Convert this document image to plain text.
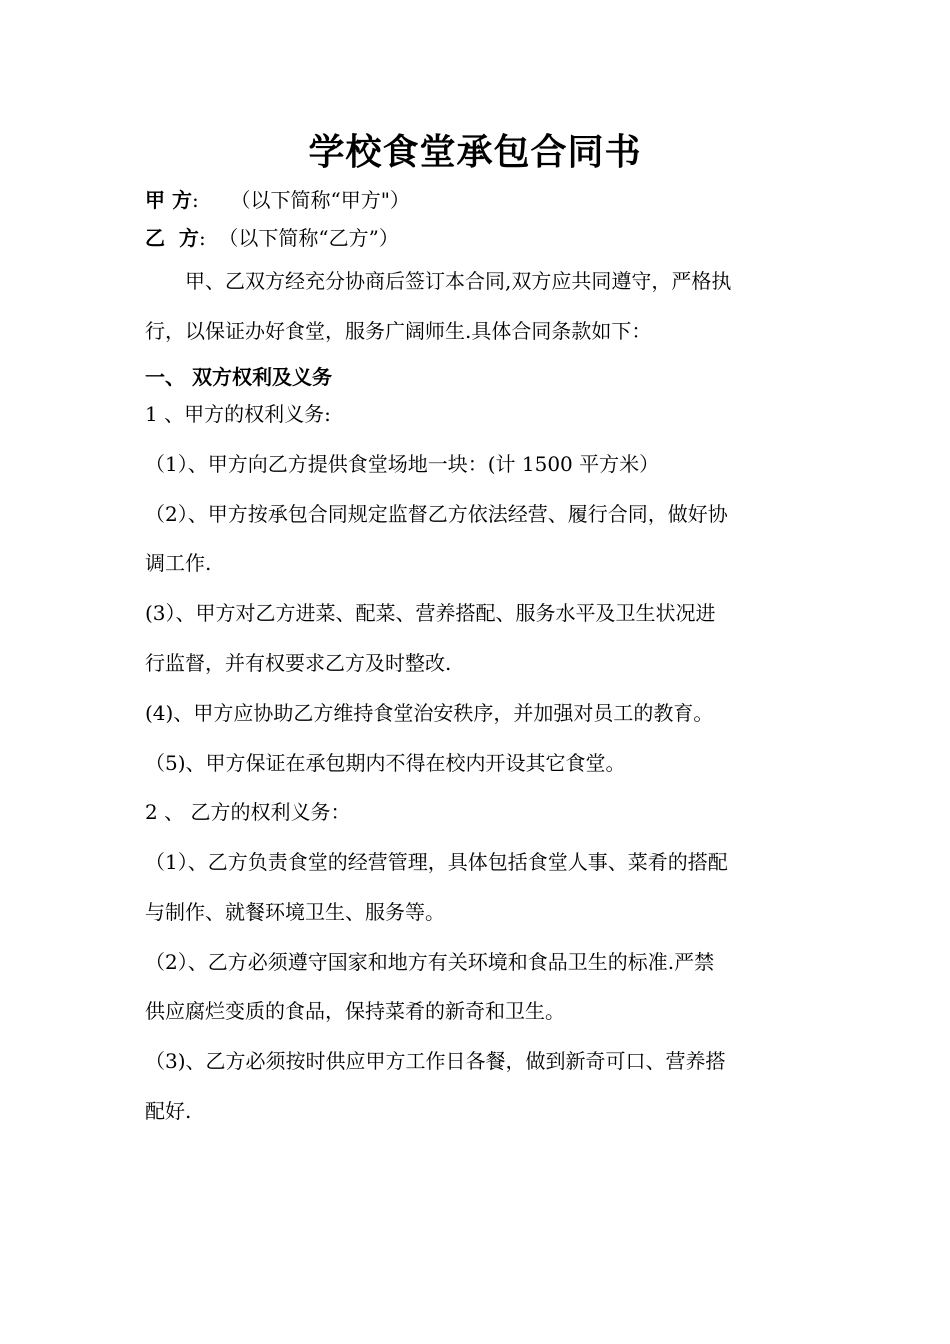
学校食堂承包合同书
甲 方:     （以下简称“甲方"）
乙  方:  （以下简称“乙方”）
　　甲、乙双方经充分协商后签订本合同,双方应共同遵守，严格执
行，以保证办好食堂，服务广阔师生.具体合同条款如下：
一、 双方权利及义务
1 、甲方的权利义务:
（1）、甲方向乙方提供食堂场地一块：(计 1500 平方米）
（2）、甲方按承包合同规定监督乙方依法经营、履行合同，做好协
调工作.
(3）、甲方对乙方进菜、配菜、营养搭配、服务水平及卫生状况进
行监督，并有权要求乙方及时整改.
(4)、甲方应协助乙方维持食堂治安秩序，并加强对员工的教育。
（5)、甲方保证在承包期内不得在校内开设其它食堂。
2 、 乙方的权利义务：
（1）、乙方负责食堂的经营管理，具体包括食堂人事、菜肴的搭配
与制作、就餐环境卫生、服务等。
（2）、乙方必须遵守国家和地方有关环境和食品卫生的标准.严禁
供应腐烂变质的食品，保持菜肴的新奇和卫生。
（3)、乙方必须按时供应甲方工作日各餐，做到新奇可口、营养搭
配好.
